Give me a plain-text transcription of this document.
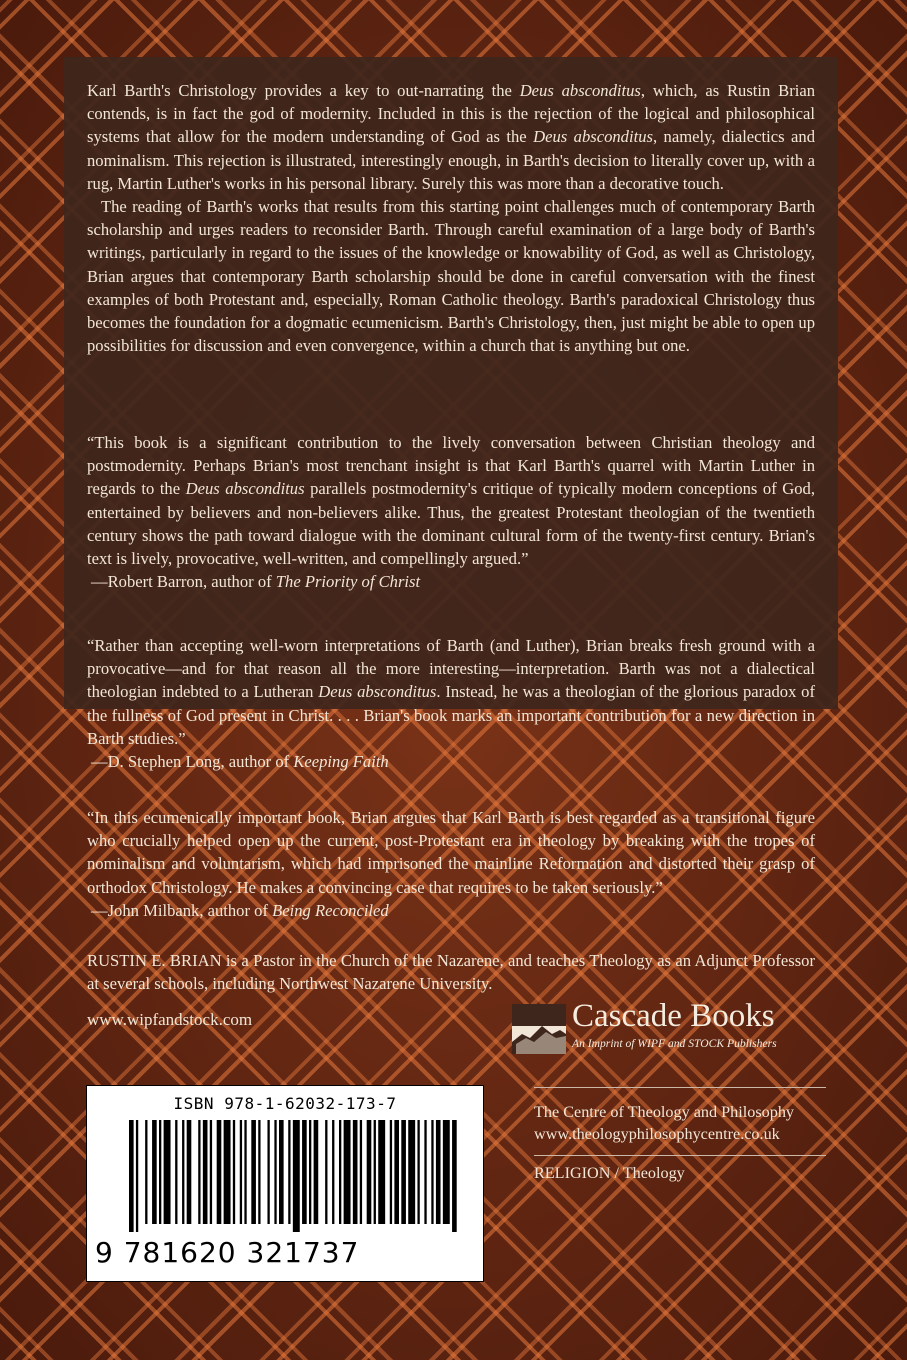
Karl Barth's Christology provides a key to out-narrating the Deus absconditus, which, as Rustin Brian contends, is in fact the god of modernity. Included in this is the rejection of the logical and philosophical systems that allow for the modern understanding of God as the Deus absconditus, namely, dialectics and nominalism. This rejection is illustrated, interestingly enough, in Barth's decision to literally cover up, with a rug, Martin Luther's works in his personal library. Surely this was more than a decorative touch.

The reading of Barth's works that results from this starting point challenges much of contemporary Barth scholarship and urges readers to reconsider Barth. Through careful examination of a large body of Barth's writings, particularly in regard to the issues of the knowledge or knowability of God, as well as Christology, Brian argues that contemporary Barth scholarship should be done in careful conversation with the finest examples of both Protestant and, especially, Roman Catholic theology. Barth's paradoxical Christology thus becomes the foundation for a dogmatic ecumenicism. Barth's Christology, then, just might be able to open up possibilities for discussion and even convergence, within a church that is anything but one.

“This book is a significant contribution to the lively conversation between Christian theology and postmodernity. Perhaps Brian's most trenchant insight is that Karl Barth's quarrel with Martin Luther in regards to the Deus absconditus parallels postmodernity's critique of typically modern conceptions of God, entertained by believers and non-believers alike. Thus, the greatest Protestant theologian of the twentieth century shows the path toward dialogue with the dominant cultural form of the twenty-first century. Brian's text is lively, provocative, well-written, and compellingly argued.”

—Robert Barron, author of The Priority of Christ

“Rather than accepting well-worn interpretations of Barth (and Luther), Brian breaks fresh ground with a provocative—and for that reason all the more interesting—interpretation. Barth was not a dialectical theologian indebted to a Lutheran Deus absconditus. Instead, he was a theologian of the glorious paradox of the fullness of God present in Christ. . . . Brian's book marks an important contribution for a new direction in Barth studies.”

—D. Stephen Long, author of Keeping Faith

“In this ecumenically important book, Brian argues that Karl Barth is best regarded as a transitional figure who crucially helped open up the current, post-Protestant era in theology by breaking with the tropes of nominalism and voluntarism, which had imprisoned the mainline Reformation and distorted their grasp of orthodox Christology. He makes a convincing case that requires to be taken seriously.”

—John Milbank, author of Being Reconciled

RUSTIN E. BRIAN is a Pastor in the Church of the Nazarene, and teaches Theology as an Adjunct Professor at several schools, including Northwest Nazarene University.

www.wipfandstock.com	Cascade Books
An Imprint of WIPF and STOCK Publishers
ISBN 978-1-62032-173-7
9 781620 321737
The Centre of Theology and Philosophy
www.theologyphilosophycentre.co.uk
RELIGION / Theology
